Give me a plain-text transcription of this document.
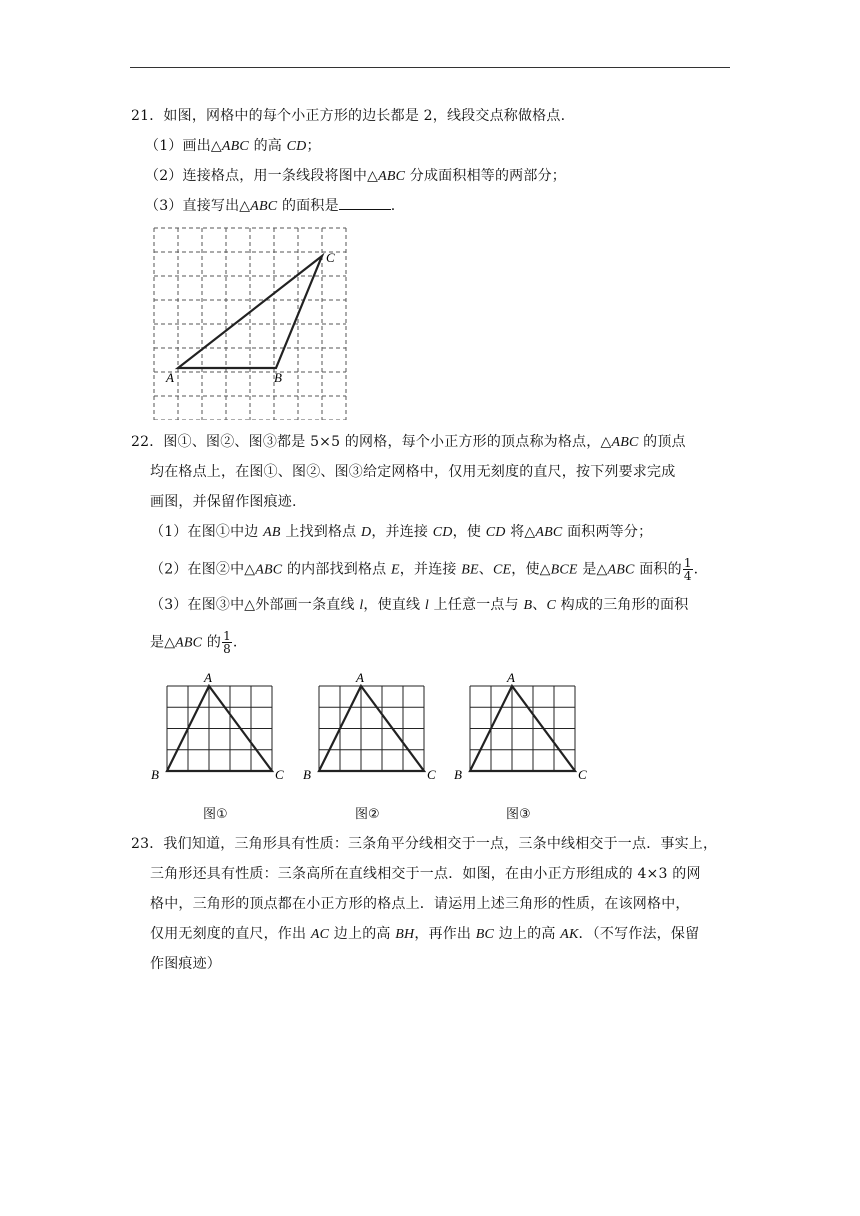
21．如图，网格中的每个小正方形的边长都是 2，线段交点称做格点.
（1）画出△ABC 的高 CD；
（2）连接格点，用一条线段将图中△ABC 分成面积相等的两部分；
（3）直接写出△ABC 的面积是	.
A	B
C
22．图①、图②、图③都是 5×5 的网格，每个小正方形的顶点称为格点，△ABC 的顶点
均在格点上，在图①、图②、图③给定网格中，仅用无刻度的直尺，按下列要求完成
画图，并保留作图痕迹.
（1）在图①中边 AB 上找到格点 D，并连接 CD，使 CD 将△ABC 面积两等分；
（2）在图②中△ABC 的内部找到格点 E，并连接 BE、CE，使△BCE 是△ABC 面积的 $\frac{1}{4}$ .
（3）在图③中△外部画一条直线 l，使直线 l 上任意一点与 B、C 构成的三角形的面积
是△ABC 的 $\frac{1}{8}$ .
A
B	C
A
B	C
A
B	C
图①	图②	图③
23．我们知道，三角形具有性质：三条角平分线相交于一点，三条中线相交于一点．事实上，
三角形还具有性质：三条高所在直线相交于一点．如图，在由小正方形组成的 4×3 的网
格中，三角形的顶点都在小正方形的格点上．请运用上述三角形的性质，在该网格中，
仅用无刻度的直尺，作出 AC 边上的高 BH，再作出 BC 边上的高 AK．（不写作法，保留
作图痕迹）
